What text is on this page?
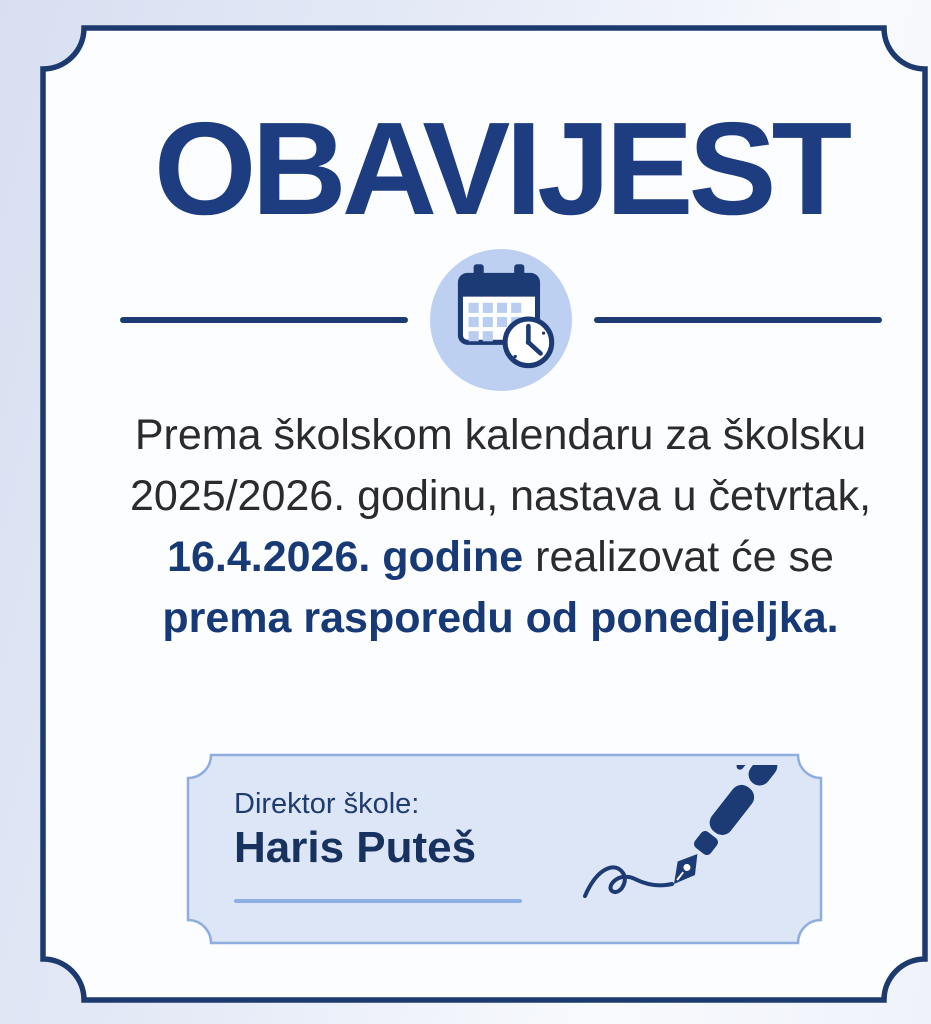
OBAVIJEST
Prema školskom kalendaru za školsku
2025/2026. godinu, nastava u četvrtak,
16.4.2026. godine realizovat će se
prema rasporedu od ponedjeljka.
Direktor škole:
Haris Puteš
